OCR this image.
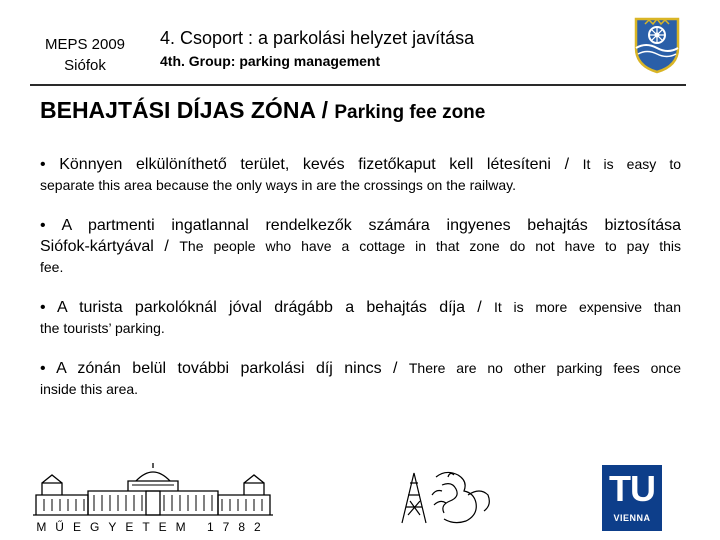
MEPS 2009
Siófok
4. Csoport : a parkolási helyzet javítása
4th. Group: parking management
BEHAJTÁSI DÍJAS ZÓNA / Parking fee zone
• Könnyen elkülöníthető terület, kevés fizetőkaput kell létesíteni / It is easy to
separate this area because the only ways in are the crossings on the railway.
• A partmenti ingatlannal rendelkezők számára ingyenes behajtás biztosítása
Siófok-kártyával / The people who have a cottage in that zone do not have to pay this
fee.
• A turista parkolóknál jóval drágább a behajtás díja / It is more expensive than
the tourists’ parking.
• A zónán belül további parkolási díj nincs / There are no other parking fees once
inside this area.
MŰEGYETEM 1782
TU
VIENNA
